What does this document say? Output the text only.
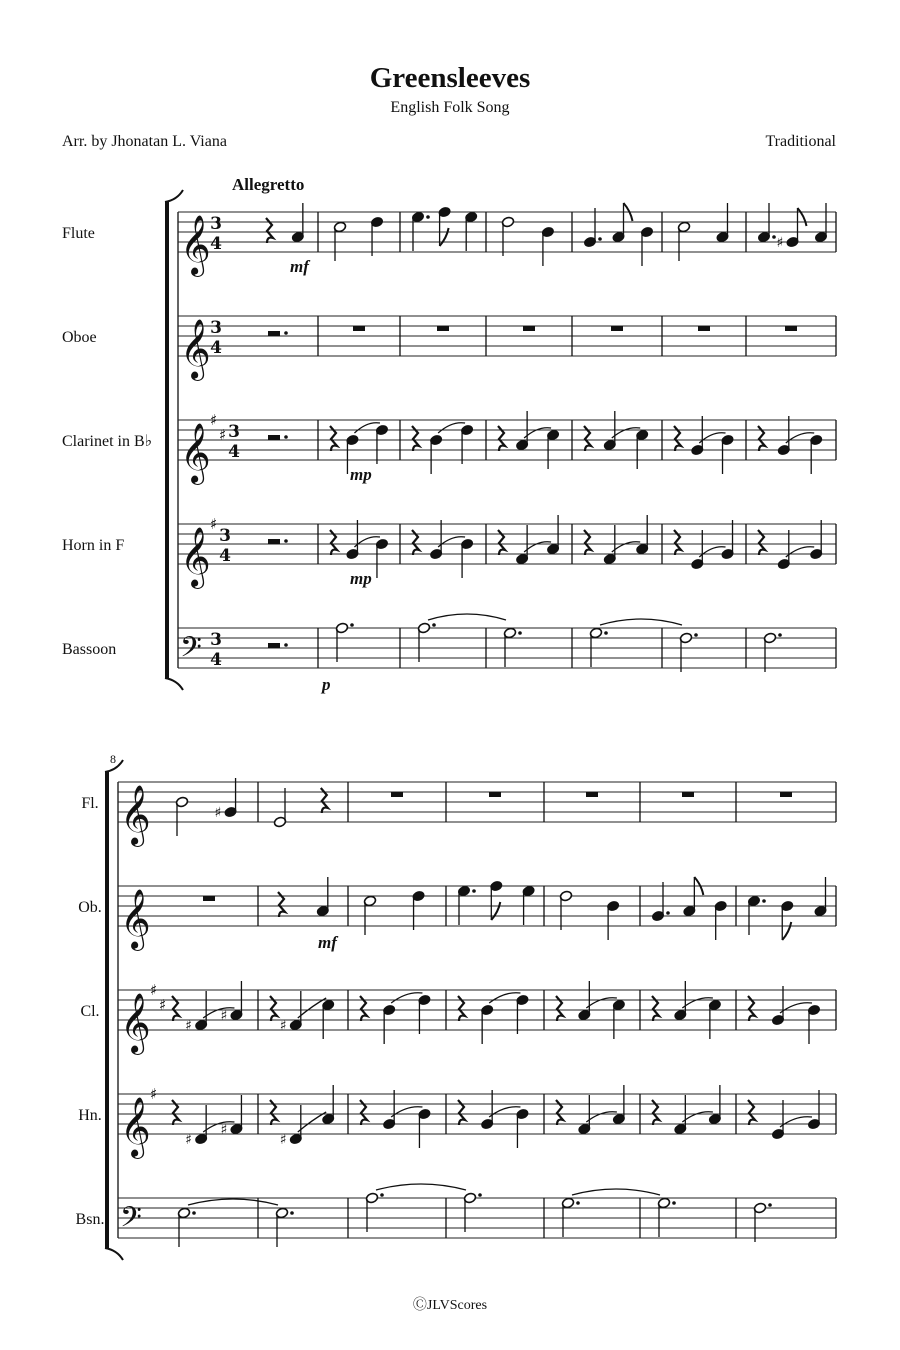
Greensleeves
English Folk Song
Arr. by Jhonatan L. Viana	Traditional
ⒸJLVScores
Allegretto
Flute 𝄞 3
4
mf
♯
Oboe 𝄞 3
4
Clarinet in B♭ 𝄞
♯
♯ 3
4
mp
Horn in F 𝄞
♯
3
4
mp
Bassoon 𝄢 3
4
p
8
Fl. 𝄞	♯
Ob. 𝄞	mf
Cl. 𝄞
♯
♯
♯
♯
♯
Hn. 𝄞
♯
♯
♯
♯
Bsn. 𝄢
